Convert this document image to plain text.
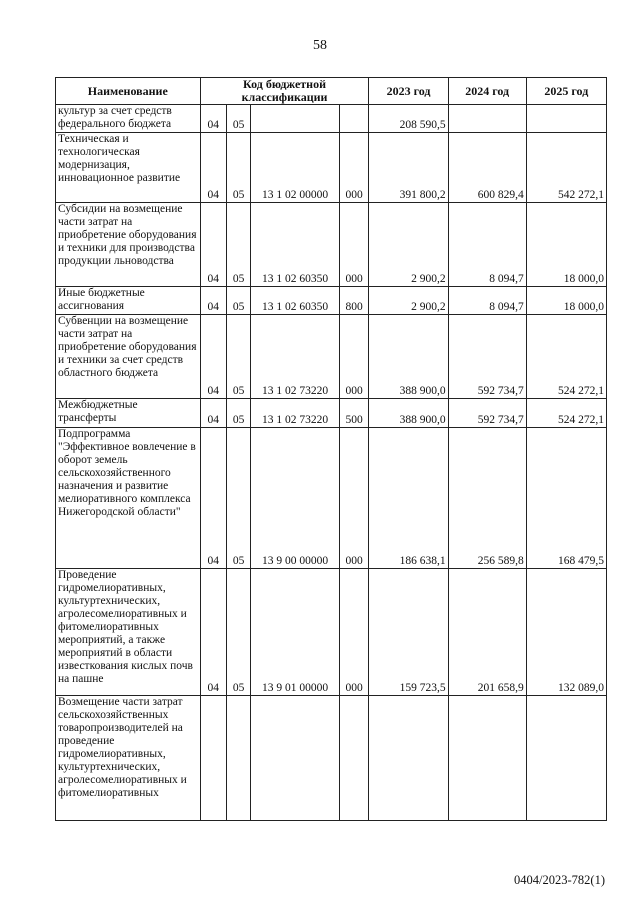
58
Наименование	Код бюджетной классификации				2023 год	2024 год	2025 год
культур за счет средств федерального бюджета	04	05			208 590,5		
Техническая и технологическая модернизация, инновационное развитие	04	05	13 1 02 00000	000	391 800,2	600 829,4	542 272,1
Субсидии на возмещение части затрат на приобретение оборудования и техники для производства продукции льноводства	04	05	13 1 02 60350	000	2 900,2	8 094,7	18 000,0
Иные бюджетные ассигнования	04	05	13 1 02 60350	800	2 900,2	8 094,7	18 000,0
Субвенции на возмещение части затрат на приобретение оборудования и техники за счет средств областного бюджета	04	05	13 1 02 73220	000	388 900,0	592 734,7	524 272,1
Межбюджетные трансферты	04	05	13 1 02 73220	500	388 900,0	592 734,7	524 272,1
Подпрограмма "Эффективное вовлечение в оборот земель сельскохозяйственного назначения и развитие мелиоративного комплекса Нижегородской области"	04	05	13 9 00 00000	000	186 638,1	256 589,8	168 479,5
Проведение гидромелиоративных, культуртехнических, агролесомелиоративных и фитомелиоративных мероприятий, а также мероприятий в области известкования кислых почв на пашне	04	05	13 9 01 00000	000	159 723,5	201 658,9	132 089,0
Возмещение части затрат сельскохозяйственных товаропроизводителей на проведение гидромелиоративных, культуртехнических, агролесомелиоративных и фитомелиоративных							
0404/2023-782(1)
